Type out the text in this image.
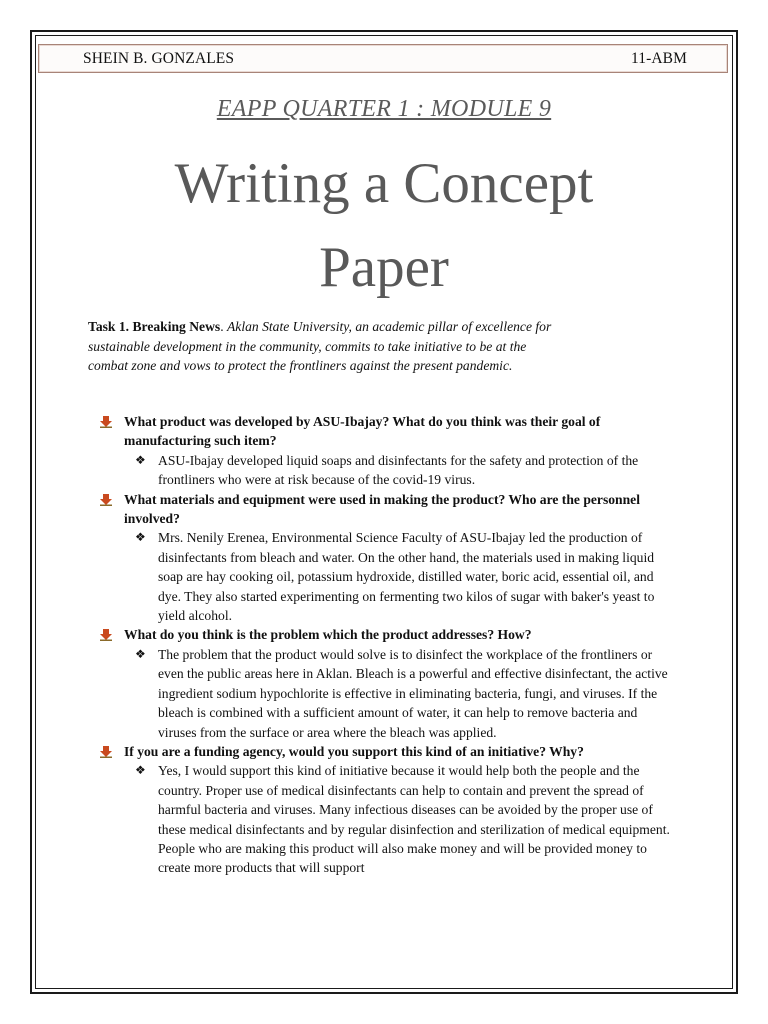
SHEIN B. GONZALES	11-ABM
EAPP QUARTER 1 : MODULE 9
Writing a Concept
Paper
Task 1. Breaking News. Aklan State University, an academic pillar of excellence for sustainable development in the community, commits to take initiative to be at the combat zone and vows to protect the frontliners against the present pandemic.
What product was developed by ASU-Ibajay? What do you think was their goal of manufacturing such item?
❖ ASU-Ibajay developed liquid soaps and disinfectants for the safety and protection of the frontliners who were at risk because of the covid-19 virus.
What materials and equipment were used in making the product? Who are the personnel involved?
❖ Mrs. Nenily Erenea, Environmental Science Faculty of ASU-Ibajay led the production of disinfectants from bleach and water. On the other hand, the materials used in making liquid soap are hay cooking oil, potassium hydroxide, distilled water, boric acid, essential oil, and dye. They also started experimenting on fermenting two kilos of sugar with baker's yeast to yield alcohol.
What do you think is the problem which the product addresses? How?
❖ The problem that the product would solve is to disinfect the workplace of the frontliners or even the public areas here in Aklan. Bleach is a powerful and effective disinfectant, the active ingredient sodium hypochlorite is effective in eliminating bacteria, fungi, and viruses. If the bleach is combined with a sufficient amount of water, it can help to remove bacteria and viruses from the surface or area where the bleach was applied.
If you are a funding agency, would you support this kind of an initiative? Why?
❖ Yes, I would support this kind of initiative because it would help both the people and the country. Proper use of medical disinfectants can help to contain and prevent the spread of harmful bacteria and viruses. Many infectious diseases can be avoided by the proper use of these medical disinfectants and by regular disinfection and sterilization of medical equipment. People who are making this product will also make money and will be provided money to create more products that will support
